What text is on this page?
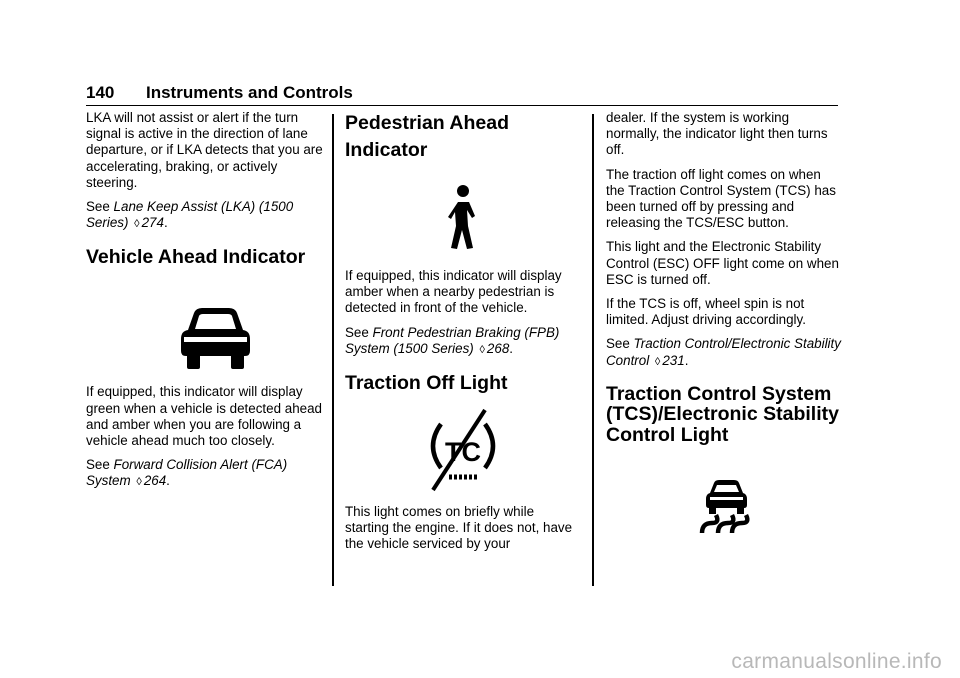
140 Instruments and Controls

LKA will not assist or alert if the turn signal is active in the direction of lane departure, or if LKA detects that you are accelerating, braking, or actively steering.

See Lane Keep Assist (LKA) (1500 Series) ◊ 274.

Vehicle Ahead Indicator

If equipped, this indicator will display green when a vehicle is detected ahead and amber when you are following a vehicle ahead much too closely.

See Forward Collision Alert (FCA) System ◊ 264.

Pedestrian Ahead Indicator

If equipped, this indicator will display amber when a nearby pedestrian is detected in front of the vehicle.

See Front Pedestrian Braking (FPB) System (1500 Series) ◊ 268.

Traction Off Light
TC

This light comes on briefly while starting the engine. If it does not, have the vehicle serviced by your

dealer. If the system is working normally, the indicator light then turns off.

The traction off light comes on when the Traction Control System (TCS) has been turned off by pressing and releasing the TCS/ESC button.

This light and the Electronic Stability Control (ESC) OFF light come on when ESC is turned off.

If the TCS is off, wheel spin is not limited. Adjust driving accordingly.

See Traction Control/Electronic Stability Control ◊ 231.

Traction Control System (TCS)/Electronic Stability Control Light
carmanualsonline.info
